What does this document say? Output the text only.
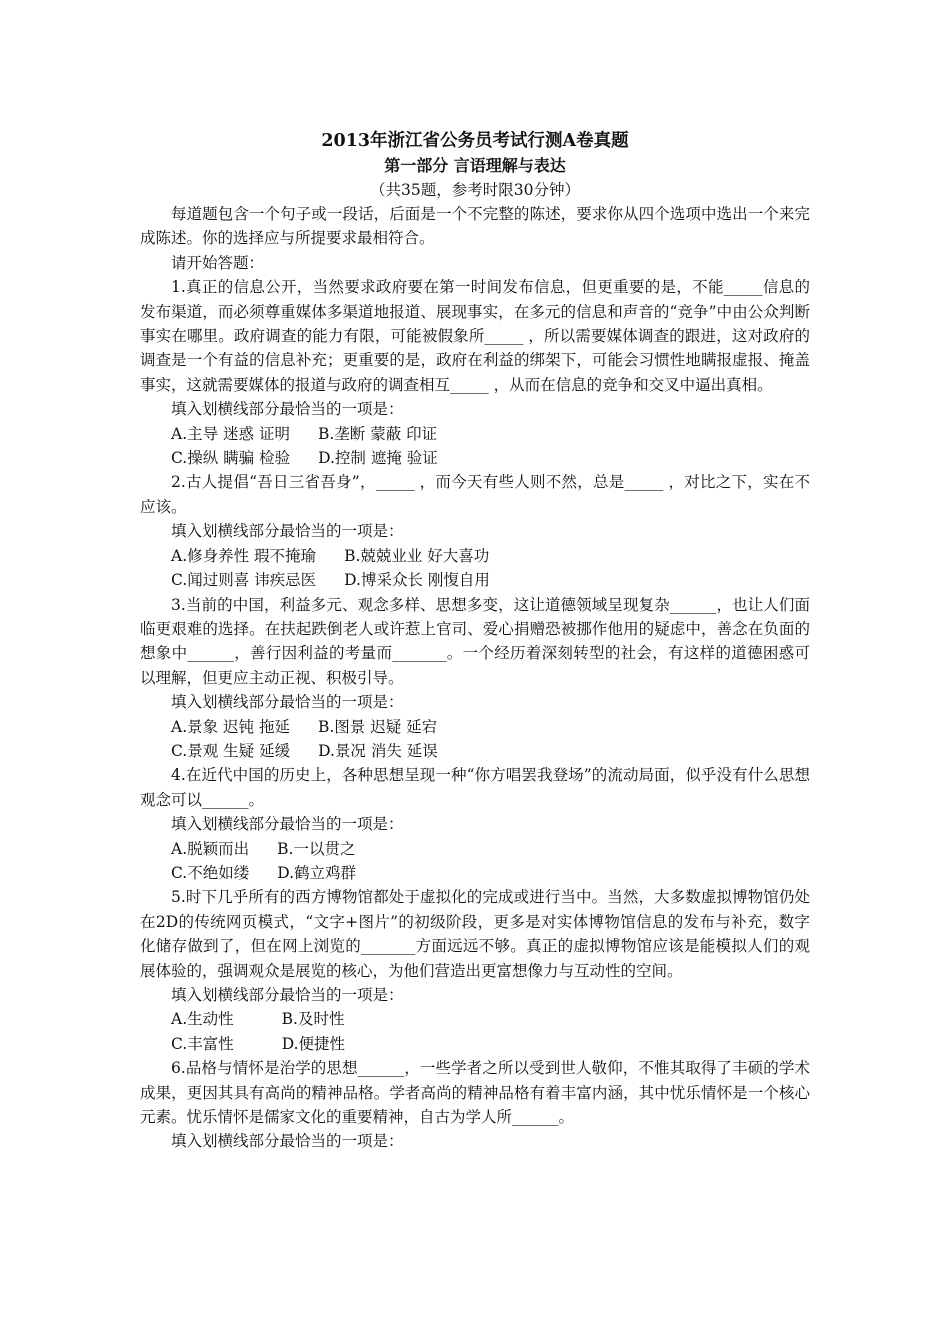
2013年浙江省公务员考试行测A卷真题
第一部分 言语理解与表达
（共35题，参考时限30分钟）

每道题包含一个句子或一段话，后面是一个不完整的陈述，要求你从四个选项中选出一个来完成陈述。你的选择应与所提要求最相符合。

请开始答题：

1.真正的信息公开，当然要求政府要在第一时间发布信息，但更重要的是，不能_____信息的发布渠道，而必须尊重媒体多渠道地报道、展现事实，在多元的信息和声音的“竞争”中由公众判断事实在哪里。政府调查的能力有限，可能被假象所_____ ，所以需要媒体调查的跟进，这对政府的调查是一个有益的信息补充；更重要的是，政府在利益的绑架下，可能会习惯性地瞒报虚报、掩盖事实，这就需要媒体的报道与政府的调查相互_____ ，从而在信息的竞争和交叉中逼出真相。

填入划横线部分最恰当的一项是：

A.主导 迷惑 证明 B.垄断 蒙蔽 印证
C.操纵 瞒骗 检验 D.控制 遮掩 验证

2.古人提倡“吾日三省吾身”，_____ ，而今天有些人则不然，总是_____ ，对比之下，实在不应该。

填入划横线部分最恰当的一项是：

A.修身养性 瑕不掩瑜 B.兢兢业业 好大喜功
C.闻过则喜 讳疾忌医 D.博采众长 刚愎自用

3.当前的中国，利益多元、观念多样、思想多变，这让道德领域呈现复杂______，也让人们面临更艰难的选择。在扶起跌倒老人或许惹上官司、爱心捐赠恐被挪作他用的疑虑中，善念在负面的想象中______，善行因利益的考量而_______。一个经历着深刻转型的社会，有这样的道德困惑可以理解，但更应主动正视、积极引导。

填入划横线部分最恰当的一项是：

A.景象 迟钝 拖延 B.图景 迟疑 延宕
C.景观 生疑 延缓 D.景况 消失 延误

4.在近代中国的历史上，各种思想呈现一种“你方唱罢我登场”的流动局面，似乎没有什么思想观念可以______。

填入划横线部分最恰当的一项是：

A.脱颖而出 B.一以贯之
C.不绝如缕 D.鹤立鸡群

5.时下几乎所有的西方博物馆都处于虚拟化的完成或进行当中。当然，大多数虚拟博物馆仍处在2D的传统网页模式，“文字+图片”的初级阶段，更多是对实体博物馆信息的发布与补充，数字化储存做到了，但在网上浏览的_______方面远远不够。真正的虚拟博物馆应该是能模拟人们的观展体验的，强调观众是展览的核心，为他们营造出更富想像力与互动性的空间。

填入划横线部分最恰当的一项是：

A.生动性	B.及时性
C.丰富性	D.便捷性

6.品格与情怀是治学的思想______，一些学者之所以受到世人敬仰，不惟其取得了丰硕的学术成果，更因其具有高尚的精神品格。学者高尚的精神品格有着丰富内涵，其中忧乐情怀是一个核心元素。忧乐情怀是儒家文化的重要精神，自古为学人所______。

填入划横线部分最恰当的一项是：
